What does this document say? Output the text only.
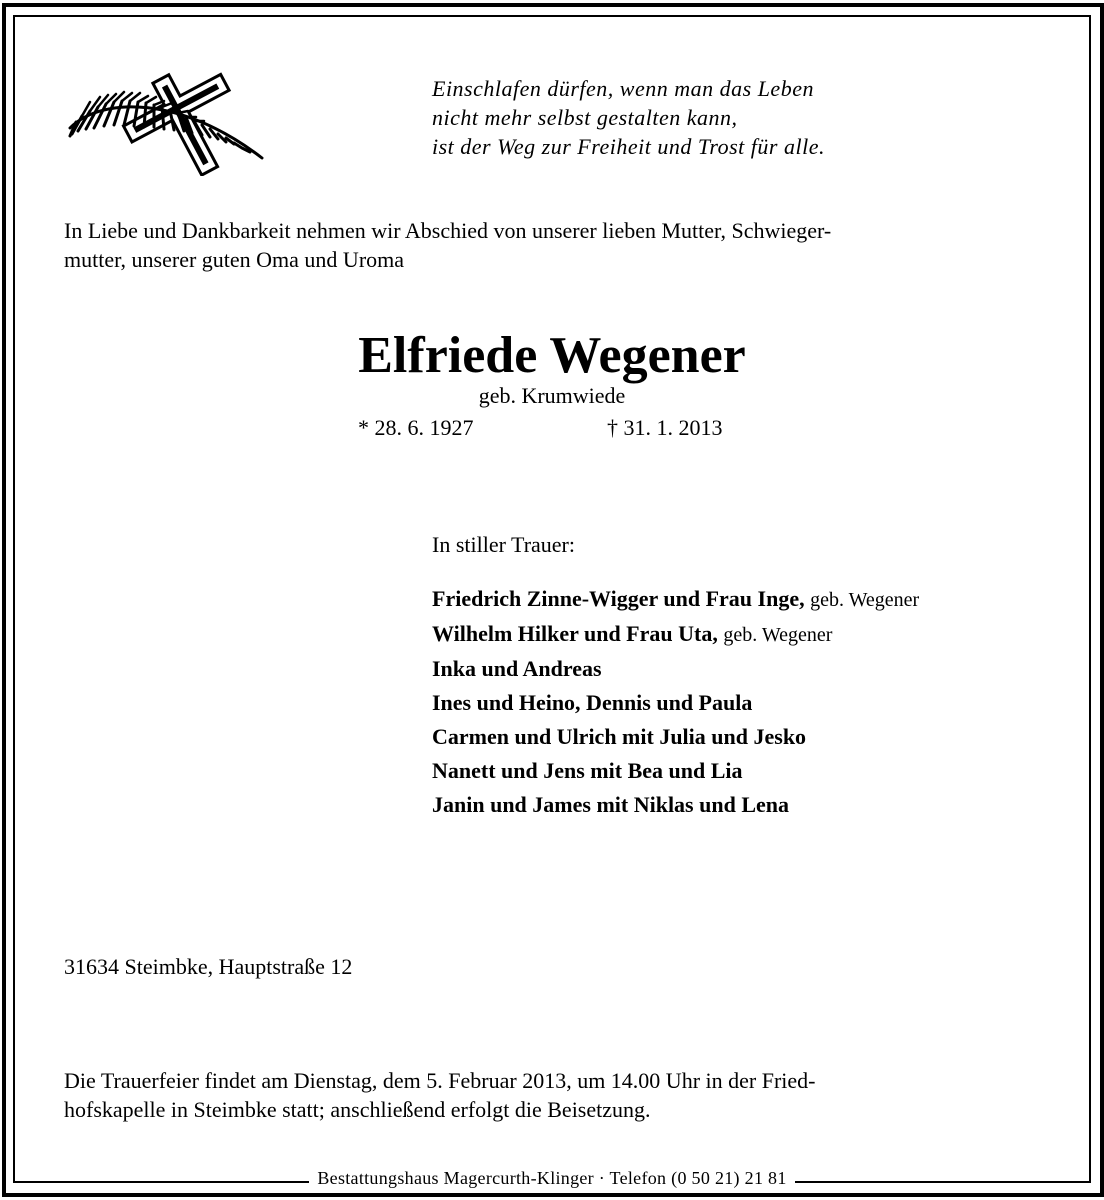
Einschlafen dürfen, wenn man das Leben
nicht mehr selbst gestalten kann,
ist der Weg zur Freiheit und Trost für alle.
In Liebe und Dankbarkeit nehmen wir Abschied von unserer lieben Mutter, Schwieger-
mutter, unserer guten Oma und Uroma
Elfriede Wegener
geb. Krumwiede
* 28. 6. 1927	† 31. 1. 2013
In stiller Trauer:
Friedrich Zinne-Wigger und Frau Inge, geb. Wegener
Wilhelm Hilker und Frau Uta, geb. Wegener
Inka und Andreas
Ines und Heino, Dennis und Paula
Carmen und Ulrich mit Julia und Jesko
Nanett und Jens mit Bea und Lia
Janin und James mit Niklas und Lena
31634 Steimbke, Hauptstraße 12
Die Trauerfeier findet am Dienstag, dem 5. Februar 2013, um 14.00 Uhr in der Fried-
hofskapelle in Steimbke statt; anschließend erfolgt die Beisetzung.
Bestattungshaus Magercurth-Klinger · Telefon (0 50 21) 21 81
